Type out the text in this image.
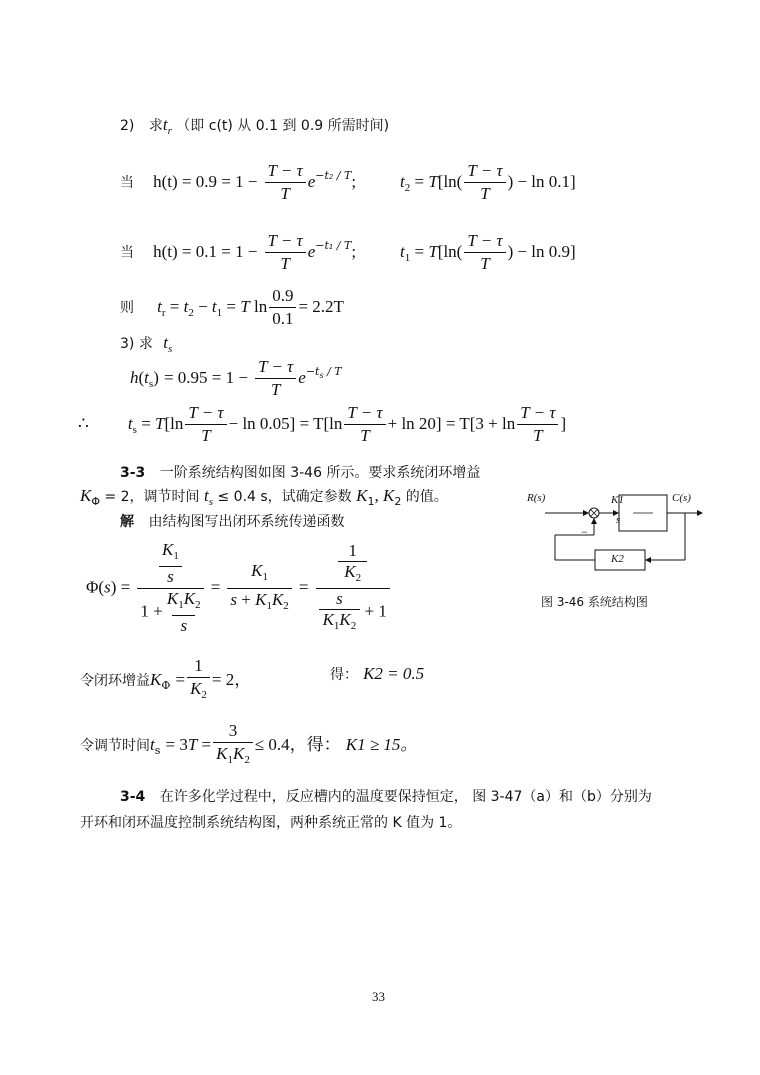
2) 求$t_r$ （即 c(t) 从 0.1 到 0.9 所需时间)
当 $h(t) = 0.9 = 1 - \frac{T - \tau}{T} e^{-t_2 / T}$;	$t_2 = T[\ln( \frac{T - \tau}{T}$ ) − ln 0.1]
当 $h(t) = 0.1 = 1 - \frac{T - \tau}{T} e^{-t_1 / T}$;	$t_1 = T[\ln( \frac{T - \tau}{T}$ ) − ln 0.9]
则 $t_r = t_2 - t_1 = T$ $\ln \frac{0.9}{0.1} = 2.2T$
3) 求 $t_s$
$h(t_s) = 0.95 = 1 - \frac{T - \tau}{T} e^{-t_s / T}$
∴ $t_s = T[\ln \frac{T - \tau}{T} - \ln 0.05] = T[\ln \frac{T - \tau}{T} + \ln 20] = T[3 + \ln \frac{T - \tau}{T}$ ]
3-3 一阶系统结构图如图 3-46 所示。要求系统闭环增益
$K_\Phi = 2$，调节时间 $t_s \le 0.4$ s，试确定参数 $K_1$, $K_2$ 的值。
解 由结构图写出闭环系统传递函数
R(s)	C(s)
K1
s
K2
−
图 3-46 系统结构图
Φ(s) =
$K_1$
s
$1 + K_1K_2$
s
= $\frac{K_1}{s + K_1K_2}$ =
1
$K_2$
$\frac{s}{K_1K_2} + 1$
令闭环增益$K_\Phi = \frac{1}{K_2} = 2$，	得： K2 = 0.5
令调节时间$t_s = 3T = \frac{3}{K_1K_2} \le 0.4$，得： K1 ≥ 15。
3-4 在许多化学过程中，反应槽内的温度要保持恒定， 图 3-47（a）和（b）分别为
开环和闭环温度控制系统结构图，两种系统正常的 K 值为 1。
33
